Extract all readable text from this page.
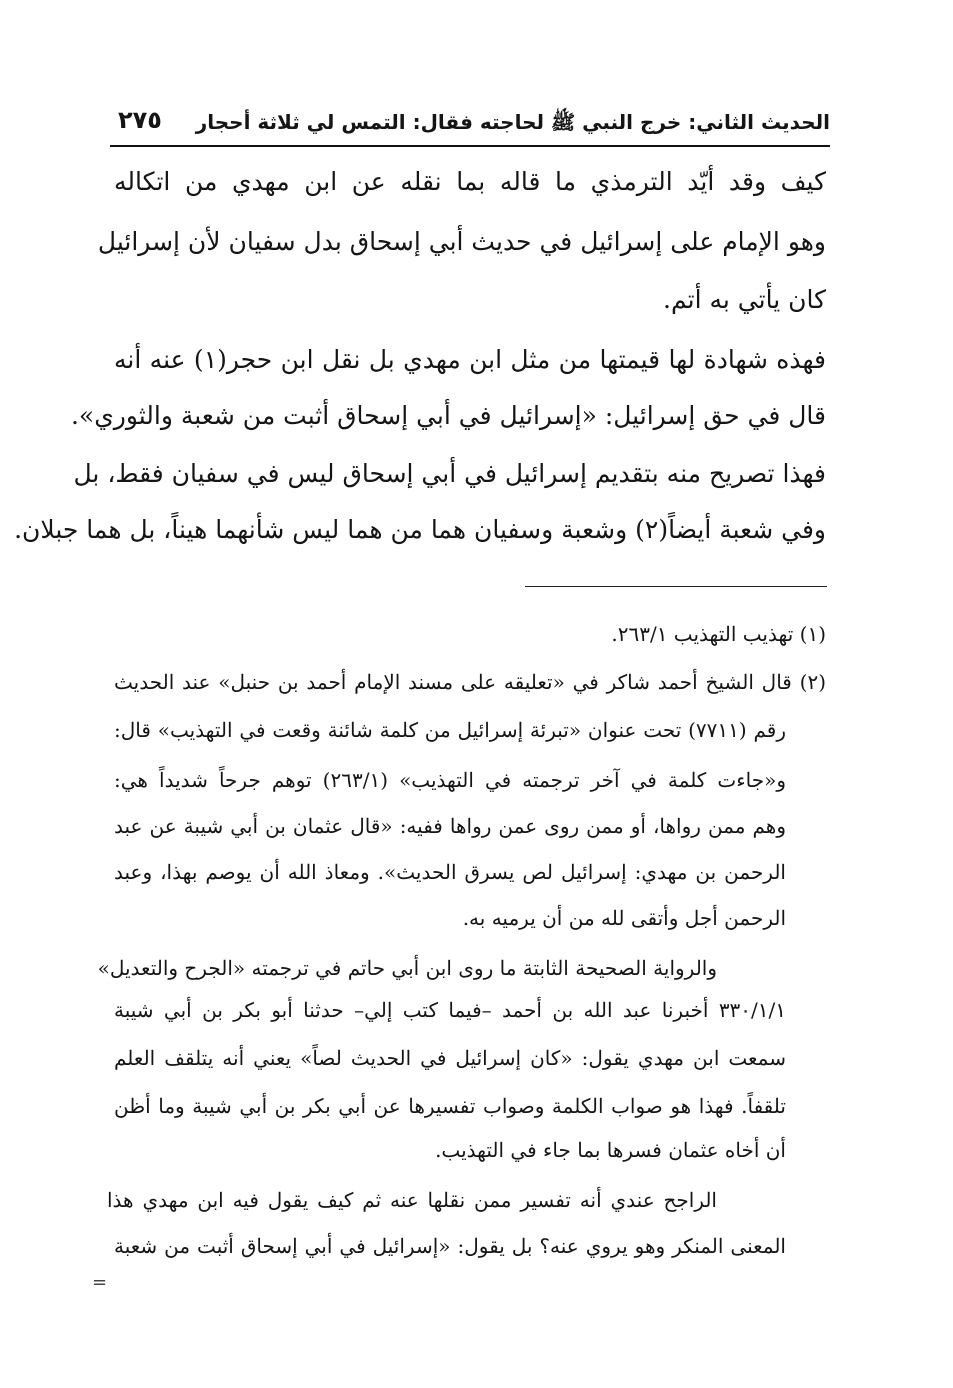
الحديث الثاني: خرج النبي ﷺ لحاجته فقال: التمس لي ثلاثة أحجار
٢٧٥
كيف وقد أيّد الترمذي ما قاله بما نقله عن ابن مهدي من اتكاله
وهو الإمام على إسرائيل في حديث أبي إسحاق بدل سفيان لأن إسرائيل
كان يأتي به أتم.
فهذه شهادة لها قيمتها من مثل ابن مهدي بل نقل ابن حجر(١) عنه أنه
قال في حق إسرائيل: «إسرائيل في أبي إسحاق أثبت من شعبة والثوري».
فهذا تصريح منه بتقديم إسرائيل في أبي إسحاق ليس في سفيان فقط، بل
وفي شعبة أيضاً(٢) وشعبة وسفيان هما من هما ليس شأنهما هيناً، بل هما جبلان.
(١) تهذيب التهذيب ٢٦٣/١.
(٢) قال الشيخ أحمد شاكر في «تعليقه على مسند الإمام أحمد بن حنبل» عند الحديث
رقم (٧٧١١) تحت عنوان «تبرئة إسرائيل من كلمة شائنة وقعت في التهذيب» قال:
و«جاءت كلمة في آخر ترجمته في التهذيب» (٢٦٣/١) توهم جرحاً شديداً هي:
وهم ممن رواها، أو ممن روى عمن رواها ففيه: «قال عثمان بن أبي شيبة عن عبد
الرحمن بن مهدي: إسرائيل لص يسرق الحديث». ومعاذ الله أن يوصم بهذا، وعبد
الرحمن أجل وأتقى لله من أن يرميه به.
والرواية الصحيحة الثابتة ما روى ابن أبي حاتم في ترجمته «الجرح والتعديل»
٣٣٠/١/١ أخبرنا عبد الله بن أحمد –فيما كتب إلي– حدثنا أبو بكر بن أبي شيبة
سمعت ابن مهدي يقول: «كان إسرائيل في الحديث لصاً» يعني أنه يتلقف العلم
تلقفاً. فهذا هو صواب الكلمة وصواب تفسيرها عن أبي بكر بن أبي شيبة وما أظن
أن أخاه عثمان فسرها بما جاء في التهذيب.
الراجح عندي أنه تفسير ممن نقلها عنه ثم كيف يقول فيه ابن مهدي هذا
المعنى المنكر وهو يروي عنه؟ بل يقول: «إسرائيل في أبي إسحاق أثبت من شعبة
=
